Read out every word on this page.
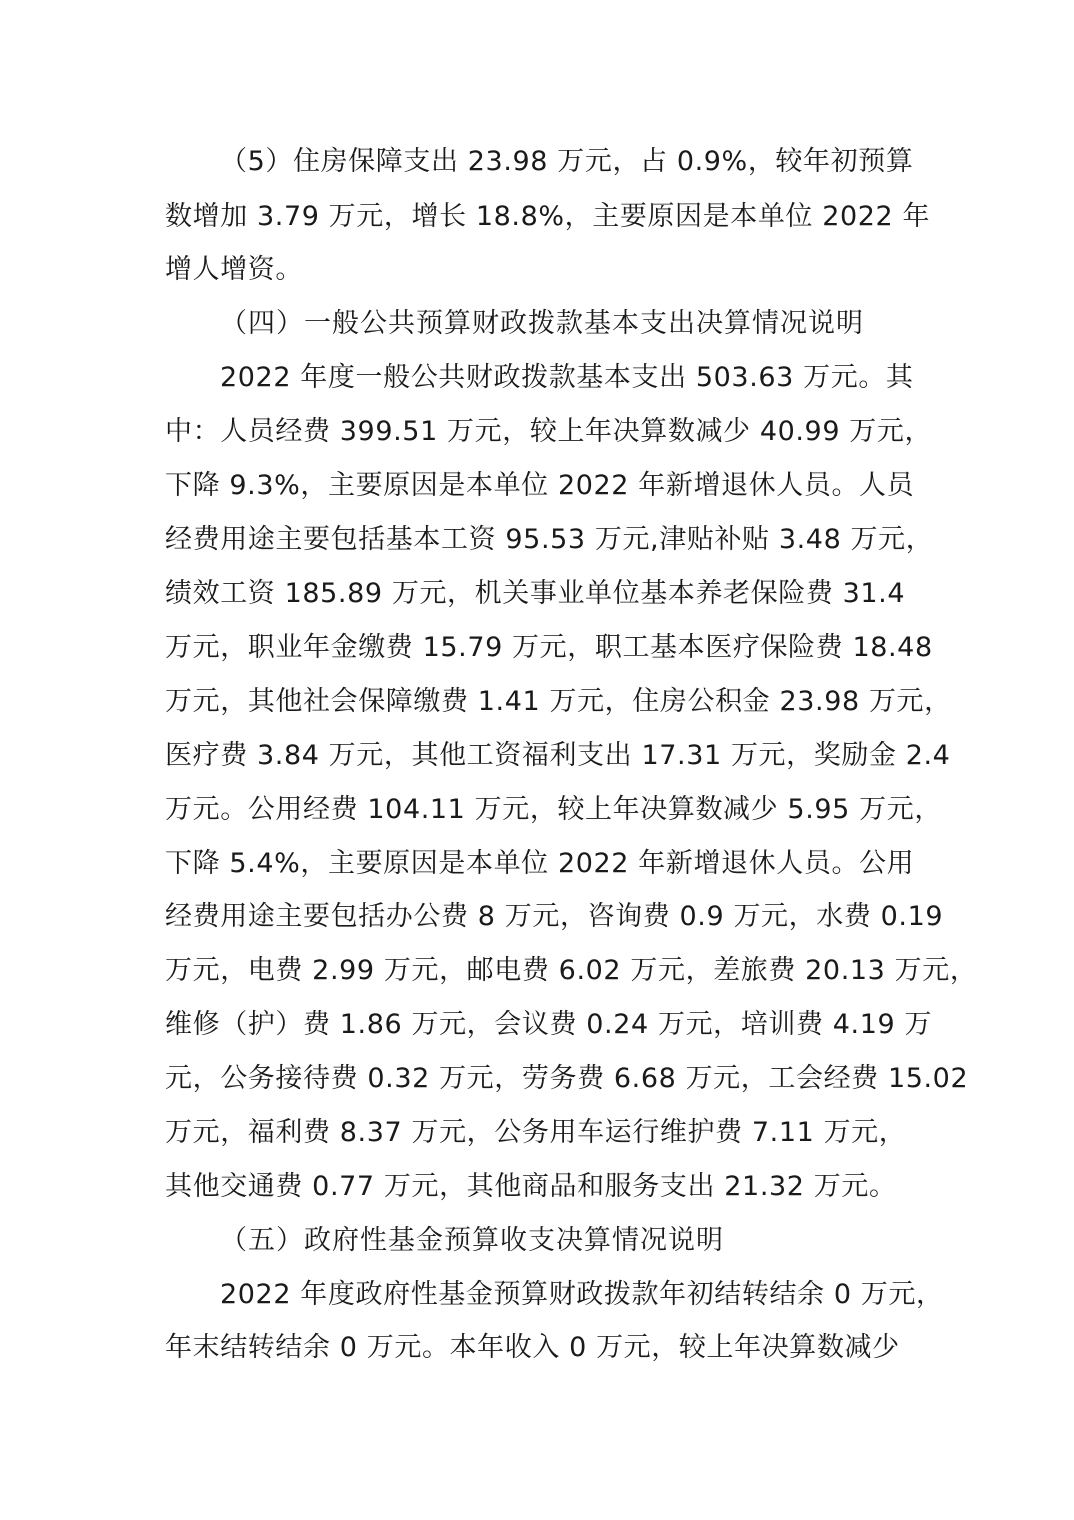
（5）住房保障支出 23.98 万元，占 0.9%，较年初预算
数增加 3.79 万元，增长 18.8%，主要原因是本单位 2022 年
增人增资。
（四）一般公共预算财政拨款基本支出决算情况说明
2022 年度一般公共财政拨款基本支出 503.63 万元。其
中：人员经费 399.51 万元，较上年决算数减少 40.99 万元，
下降 9.3%，主要原因是本单位 2022 年新增退休人员。人员
经费用途主要包括基本工资 95.53 万元,津贴补贴 3.48 万元，
绩效工资 185.89 万元，机关事业单位基本养老保险费 31.4
万元，职业年金缴费 15.79 万元，职工基本医疗保险费 18.48
万元，其他社会保障缴费 1.41 万元，住房公积金 23.98 万元，
医疗费 3.84 万元，其他工资福利支出 17.31 万元，奖励金 2.4
万元。公用经费 104.11 万元，较上年决算数减少 5.95 万元，
下降 5.4%，主要原因是本单位 2022 年新增退休人员。公用
经费用途主要包括办公费 8 万元，咨询费 0.9 万元，水费 0.19
万元，电费 2.99 万元，邮电费 6.02 万元，差旅费 20.13 万元，
维修（护）费 1.86 万元，会议费 0.24 万元，培训费 4.19 万
元，公务接待费 0.32 万元，劳务费 6.68 万元，工会经费 15.02
万元，福利费 8.37 万元，公务用车运行维护费 7.11 万元，
其他交通费 0.77 万元，其他商品和服务支出 21.32 万元。
（五）政府性基金预算收支决算情况说明
2022 年度政府性基金预算财政拨款年初结转结余 0 万元，
年末结转结余 0 万元。本年收入 0 万元，较上年决算数减少
